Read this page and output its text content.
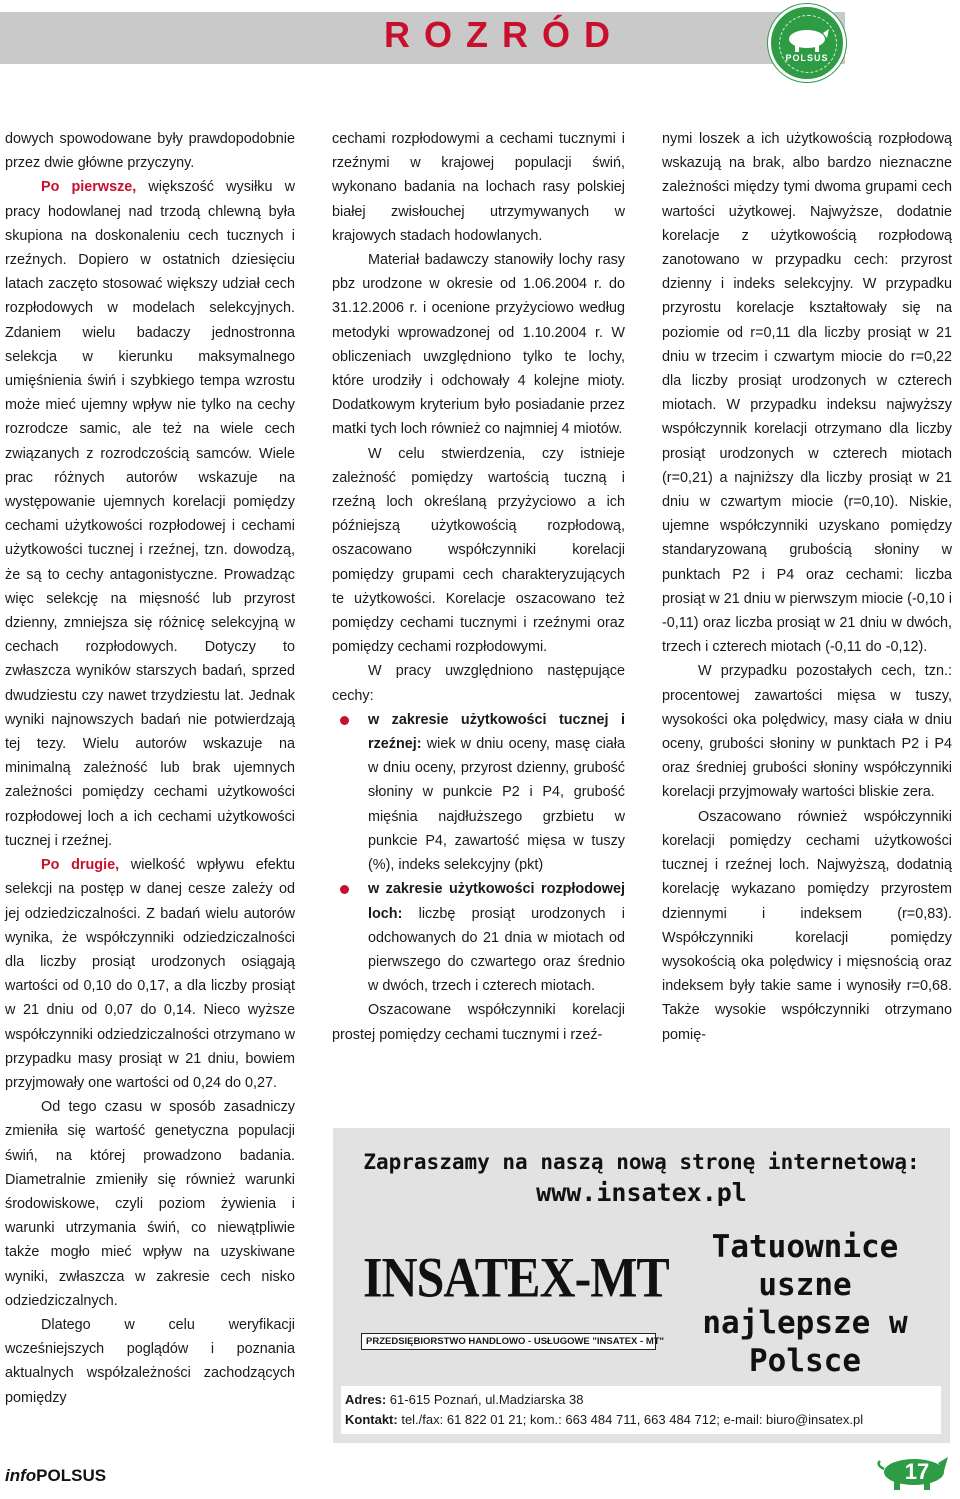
ROZRÓD
POLSUS

dowych spowodowane były prawdopodobnie przez dwie główne przyczyny.

Po pierwsze, większość wysiłku w pracy hodowlanej nad trzodą chlewną była skupiona na doskonaleniu cech tucznych i rzeźnych. Dopiero w ostatnich dziesięciu latach zaczęto stosować większy udział cech rozpłodowych w modelach selekcyjnych. Zdaniem wielu badaczy jednostronna selekcja w kierunku maksymalnego umięśnienia świń i szybkiego tempa wzrostu może mieć ujemny wpływ nie tylko na cechy rozrodcze samic, ale też na wiele cech związanych z rozrodczością samców. Wiele prac różnych autorów wskazuje na występowanie ujemnych korelacji pomiędzy cechami użytkowości rozpłodowej i cechami użytkowości tucznej i rzeźnej, tzn. dowodzą, że są to cechy antagonistyczne. Prowadząc więc selekcję na mięsność lub przyrost dzienny, zmniejsza się różnicę selekcyjną w cechach rozpłodowych. Dotyczy to zwłaszcza wyników starszych badań, sprzed dwudziestu czy nawet trzydziestu lat. Jednak wyniki najnowszych badań nie potwierdzają tej tezy. Wielu autorów wskazuje na minimalną zależność lub brak ujemnych zależności pomiędzy cechami użytkowości rozpłodowej loch a ich cechami użytkowości tucznej i rzeźnej.

Po drugie, wielkość wpływu efektu selekcji na postęp w danej cesze zależy od jej odziedziczalności. Z badań wielu autorów wynika, że współczynniki odziedziczalności dla liczby prosiąt urodzonych osiągają wartości od 0,10 do 0,17, a dla liczby prosiąt w 21 dniu od 0,07 do 0,14. Nieco wyższe współczynniki odziedziczalności otrzymano w przypadku masy prosiąt w 21 dniu, bowiem przyjmowały one wartości od 0,24 do 0,27.

Od tego czasu w sposób zasadniczy zmieniła się wartość genetyczna populacji świń, na której prowadzono badania. Diametralnie zmieniły się również warunki środowiskowe, czyli poziom żywienia i warunki utrzymania świń, co niewątpliwie także mogło mieć wpływ na uzyskiwane wyniki, zwłaszcza w zakresie cech nisko odziedziczalnych.

Dlatego w celu weryfikacji wcześniejszych poglądów i poznania aktualnych współzależności zachodzących pomiędzy

cechami rozpłodowymi a cechami tucznymi i rzeźnymi w krajowej populacji świń, wykonano badania na lochach rasy polskiej białej zwisłouchej utrzymywanych w krajowych stadach hodowlanych.

Materiał badawczy stanowiły lochy rasy pbz urodzone w okresie od 1.06.2004 r. do 31.12.2006 r. i ocenione przyżyciowo według metodyki wprowadzonej od 1.10.2004 r. W obliczeniach uwzględniono tylko te lochy, które urodziły i odchowały 4 kolejne mioty. Dodatkowym kryterium było posiadanie przez matki tych loch również co najmniej 4 miotów.

W celu stwierdzenia, czy istnieje zależność pomiędzy wartością tuczną i rzeźną loch określaną przyżyciowo a ich późniejszą użytkowością rozpłodową, oszacowano współczynniki korelacji pomiędzy grupami cech charakteryzujących te użytkowości. Korelacje oszacowano też pomiędzy cechami tucznymi i rzeźnymi oraz pomiędzy cechami rozpłodowymi.

W pracy uwzględniono następujące cechy:

w zakresie użytkowości tucznej i rzeźnej: wiek w dniu oceny, masę ciała w dniu oceny, przyrost dzienny, grubość słoniny w punkcie P2 i P4, grubość mięśnia najdłuższego grzbietu w punkcie P4, zawartość mięsa w tuszy (%), indeks selekcyjny (pkt)

w zakresie użytkowości rozpłodowej loch: liczbę prosiąt urodzonych i odchowanych do 21 dnia w miotach od pierwszego do czwartego oraz średnio w dwóch, trzech i czterech miotach.

Oszacowane współczynniki korelacji prostej pomiędzy cechami tucznymi i rzeź-

nymi loszek a ich użytkowością rozpłodową wskazują na brak, albo bardzo nieznaczne zależności między tymi dwoma grupami cech wartości użytkowej. Najwyższe, dodatnie korelacje z użytkowością rozpłodową zanotowano w przypadku cech: przyrost dzienny i indeks selekcyjny. W przypadku przyrostu korelacje kształtowały się na poziomie od r=0,11 dla liczby prosiąt w 21 dniu w trzecim i czwartym miocie do r=0,22 dla liczby prosiąt urodzonych w czterech miotach. W przypadku indeksu najwyższy współczynnik korelacji otrzymano dla liczby prosiąt urodzonych w czterech miotach (r=0,21) a najniższy dla liczby prosiąt w 21 dniu w czwartym miocie (r=0,10). Niskie, ujemne współczynniki uzyskano pomiędzy standaryzowaną grubością słoniny w punktach P2 i P4 oraz cechami: liczba prosiąt w 21 dniu w pierwszym miocie (-0,10 i -0,11) oraz liczba prosiąt w 21 dniu w dwóch, trzech i czterech miotach (-0,11 do -0,12).

W przypadku pozostałych cech, tzn.: procentowej zawartości mięsa w tuszy, wysokości oka polędwicy, masy ciała w dniu oceny, grubości słoniny w punktach P2 i P4 oraz średniej grubości słoniny współczynniki korelacji przyjmowały wartości bliskie zera.

Oszacowano również współczynniki korelacji pomiędzy cechami użytkowości tucznej i rzeźnej loch. Najwyższą, dodatnią korelację wykazano pomiędzy przyrostem dziennymi i indeksem (r=0,83). Współczynniki korelacji pomiędzy wysokością oka polędwicy i mięsnością oraz indeksem były takie same i wynosiły r=0,68. Także wysokie współczynniki otrzymano pomię-

Zapraszamy na naszą nową stronę internetową:
www.insatex.pl
INSATEX-MT
PRZEDSIĘBIORSTWO HANDLOWO - USŁUGOWE "INSATEX - MT"
Tatuownice uszne najlepsze w Polsce
Adres: 61-615 Poznań, ul.Madziarska 38
Kontakt: tel./fax: 61 822 01 21; kom.: 663 484 711, 663 484 712; e-mail: biuro@insatex.pl
infoPOLSUS	17
